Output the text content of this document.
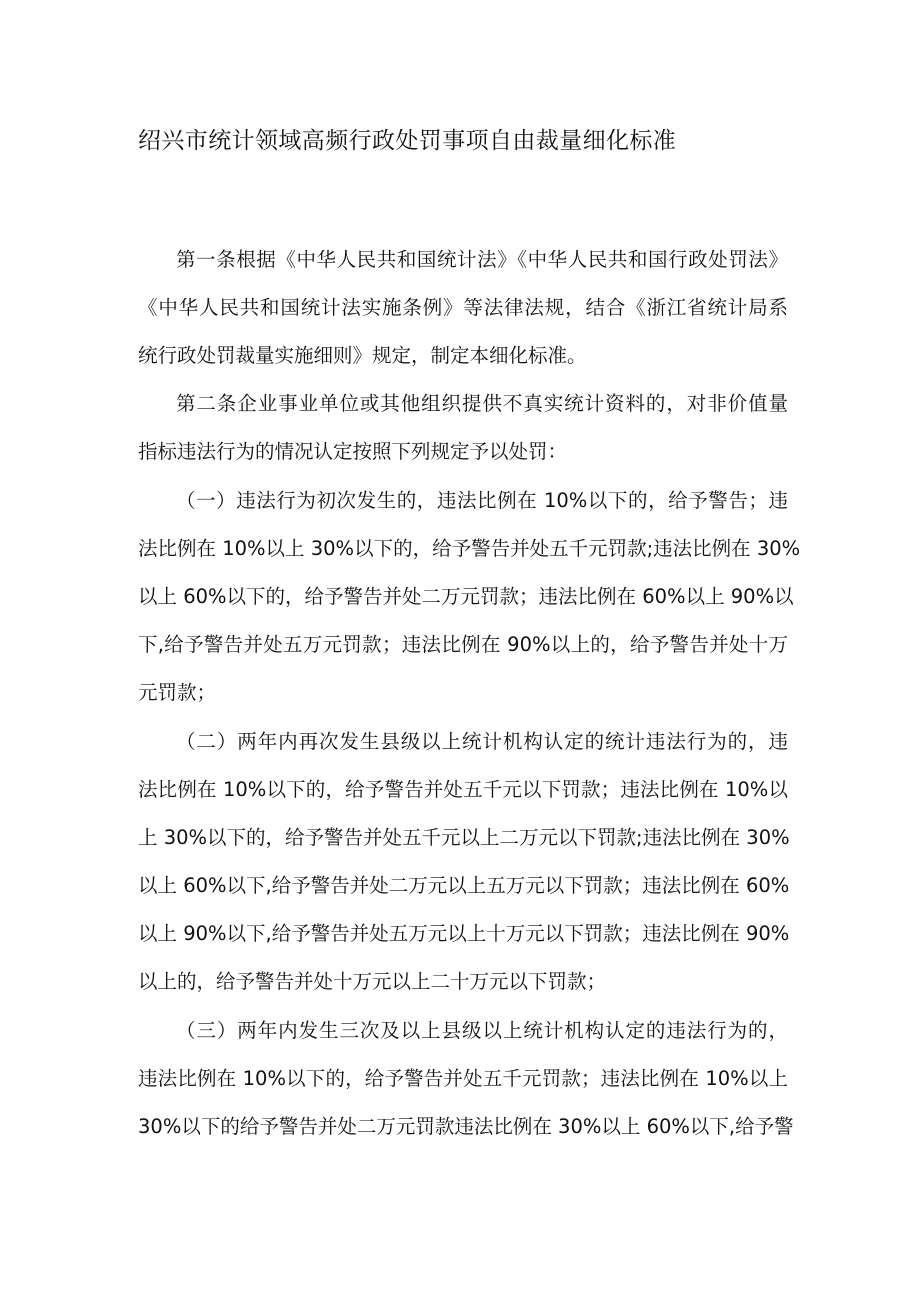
绍兴市统计领域高频行政处罚事项自由裁量细化标准
第一条根据《中华人民共和国统计法》《中华人民共和国行政处罚法》
《中华人民共和国统计法实施条例》等法律法规，结合《浙江省统计局系
统行政处罚裁量实施细则》规定，制定本细化标准。
第二条企业事业单位或其他组织提供不真实统计资料的，对非价值量
指标违法行为的情况认定按照下列规定予以处罚：
（一）违法行为初次发生的，违法比例在 10%以下的，给予警告；违
法比例在 10%以上 30%以下的，给予警告并处五千元罚款;违法比例在 30%
以上 60%以下的，给予警告并处二万元罚款；违法比例在 60%以上 90%以
下,给予警告并处五万元罚款；违法比例在 90%以上的，给予警告并处十万
元罚款；
（二）两年内再次发生县级以上统计机构认定的统计违法行为的，违
法比例在 10%以下的，给予警告并处五千元以下罚款；违法比例在 10%以
上 30%以下的，给予警告并处五千元以上二万元以下罚款;违法比例在 30%
以上 60%以下,给予警告并处二万元以上五万元以下罚款；违法比例在 60%
以上 90%以下,给予警告并处五万元以上十万元以下罚款；违法比例在 90%
以上的，给予警告并处十万元以上二十万元以下罚款；
（三）两年内发生三次及以上县级以上统计机构认定的违法行为的，
违法比例在 10%以下的，给予警告并处五千元罚款；违法比例在 10%以上
30%以下的给予警告并处二万元罚款违法比例在 30%以上 60%以下,给予警
